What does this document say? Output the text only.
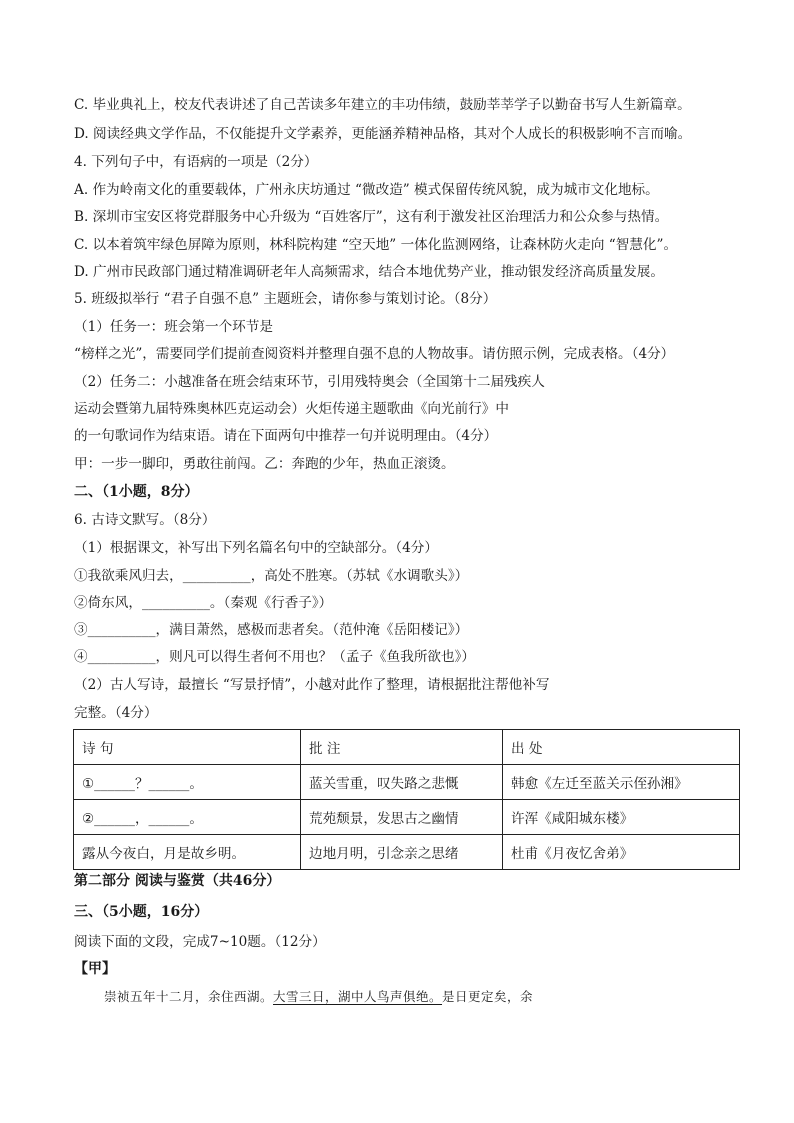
C. 毕业典礼上，校友代表讲述了自己苦读多年建立的丰功伟绩，鼓励莘莘学子以勤奋书写人生新篇章。
D. 阅读经典文学作品，不仅能提升文学素养，更能涵养精神品格，其对个人成长的积极影响不言而喻。
4. 下列句子中，有语病的一项是（2分）
A. 作为岭南文化的重要载体，广州永庆坊通过 “微改造” 模式保留传统风貌，成为城市文化地标。
B. 深圳市宝安区将党群服务中心升级为 “百姓客厅”，这有利于激发社区治理活力和公众参与热情。
C. 以本着筑牢绿色屏障为原则，林科院构建 “空天地” 一体化监测网络，让森林防火走向 “智慧化”。
D. 广州市民政部门通过精准调研老年人高频需求，结合本地优势产业，推动银发经济高质量发展。
5. 班级拟举行 “君子自强不息” 主题班会，请你参与策划讨论。（8分）
（1）任务一：班会第一个环节是
“榜样之光”，需要同学们提前查阅资料并整理自强不息的人物故事。请仿照示例，完成表格。（4分）
（2）任务二：小越准备在班会结束环节，引用残特奥会（全国第十二届残疾人
运动会暨第九届特殊奥林匹克运动会）火炬传递主题歌曲《向光前行》中
的一句歌词作为结束语。请在下面两句中推荐一句并说明理由。（4分）
甲：一步一脚印，勇敢往前闯。乙：奔跑的少年，热血正滚烫。
二、（1小题，8分）
6. 古诗文默写。（8分）
（1）根据课文，补写出下列名篇名句中的空缺部分。（4分）
①我欲乘风归去，__________，高处不胜寒。（苏轼《水调歌头》）
②倚东风，__________。（秦观《行香子》）
③__________，满目萧然，感极而悲者矣。（范仲淹《岳阳楼记》）
④__________，则凡可以得生者何不用也？（孟子《鱼我所欲也》）
（2）古人写诗，最擅长 “写景抒情”，小越对此作了整理，请根据批注帮他补写
完整。（4分）
诗 句	批 注	出 处
①______？______。	蓝关雪重，叹失路之悲慨	韩愈《左迁至蓝关示侄孙湘》
②______，______。	荒苑颓景，发思古之幽情	许浑《咸阳城东楼》
露从今夜白，月是故乡明。	边地月明，引念亲之思绪	杜甫《月夜忆舍弟》
第二部分 阅读与鉴赏（共46分）
三、（5小题，16分）
阅读下面的文段，完成7~10题。（12分）
【甲】
崇祯五年十二月，余住西湖。大雪三日，湖中人鸟声俱绝。是日更定矣，余
